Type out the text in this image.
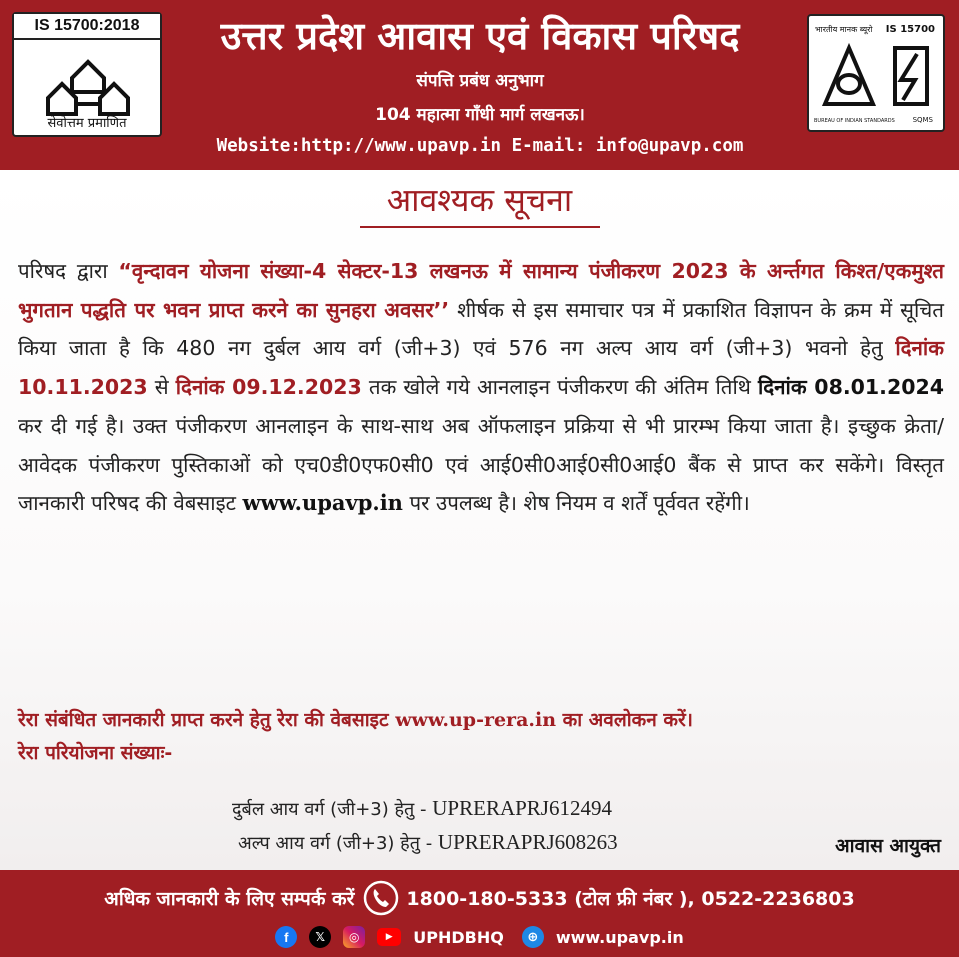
IS 15700:2018
सेवोत्तम प्रमाणित
उत्तर प्रदेश आवास एवं विकास परिषद
संपत्ति प्रबंध अनुभाग
104 महात्मा गाँधी मार्ग लखनऊ।
Website:http://www.upavp.in E-mail: info@upavp.com
भारतीय मानक ब्यूरो IS 15700
BUREAU OF INDIAN STANDARDS	SQMS
आवश्यक सूचना

परिषद द्वारा “वृन्दावन योजना संख्या-4 सेक्टर-13 लखनऊ में सामान्य पंजीकरण 2023 के अर्न्तगत किश्त/एकमुश्त भुगतान पद्धति पर भवन प्राप्त करने का सुनहरा अवसर’’ शीर्षक से इस समाचार पत्र में प्रकाशित विज्ञापन के क्रम में सूचित किया जाता है कि 480 नग दुर्बल आय वर्ग (जी+3) एवं 576 नग अल्प आय वर्ग (जी+3) भवनो हेतु दिनांक 10.11.2023 से दिनांक 09.12.2023 तक खोले गये आनलाइन पंजीकरण की अंतिम तिथि दिनांक 08.01.2024 कर दी गई है। उक्त पंजीकरण आनलाइन के साथ-साथ अब ऑफलाइन प्रक्रिया से भी प्रारम्भ किया जाता है। इच्छुक क्रेता/ आवेदक पंजीकरण पुस्तिकाओं को एच0डी0एफ0सी0 एवं आई0सी0आई0सी0आई0 बैंक से प्राप्त कर सकेंगे। विस्तृत जानकारी परिषद की वेबसाइट www.upavp.in पर उपलब्ध है। शेष नियम व शर्तें पूर्ववत रहेंगी।

रेरा संबंधित जानकारी प्राप्त करने हेतु रेरा की वेबसाइट www.up-rera.in का अवलोकन करें।
रेरा परियोजना संख्याः-
दुर्बल आय वर्ग (जी+3) हेतु - UPRERAPRJ612494
अल्प आय वर्ग (जी+3) हेतु - UPRERAPRJ608263	आवास आयुक्त
अधिक जानकारी के लिए सम्पर्क करें	1800-180-5333 (टोल फ्री नंबर ), 0522-2236803
f	𝕏	◎	▶	UPHDBHQ	⊕	www.upavp.in
